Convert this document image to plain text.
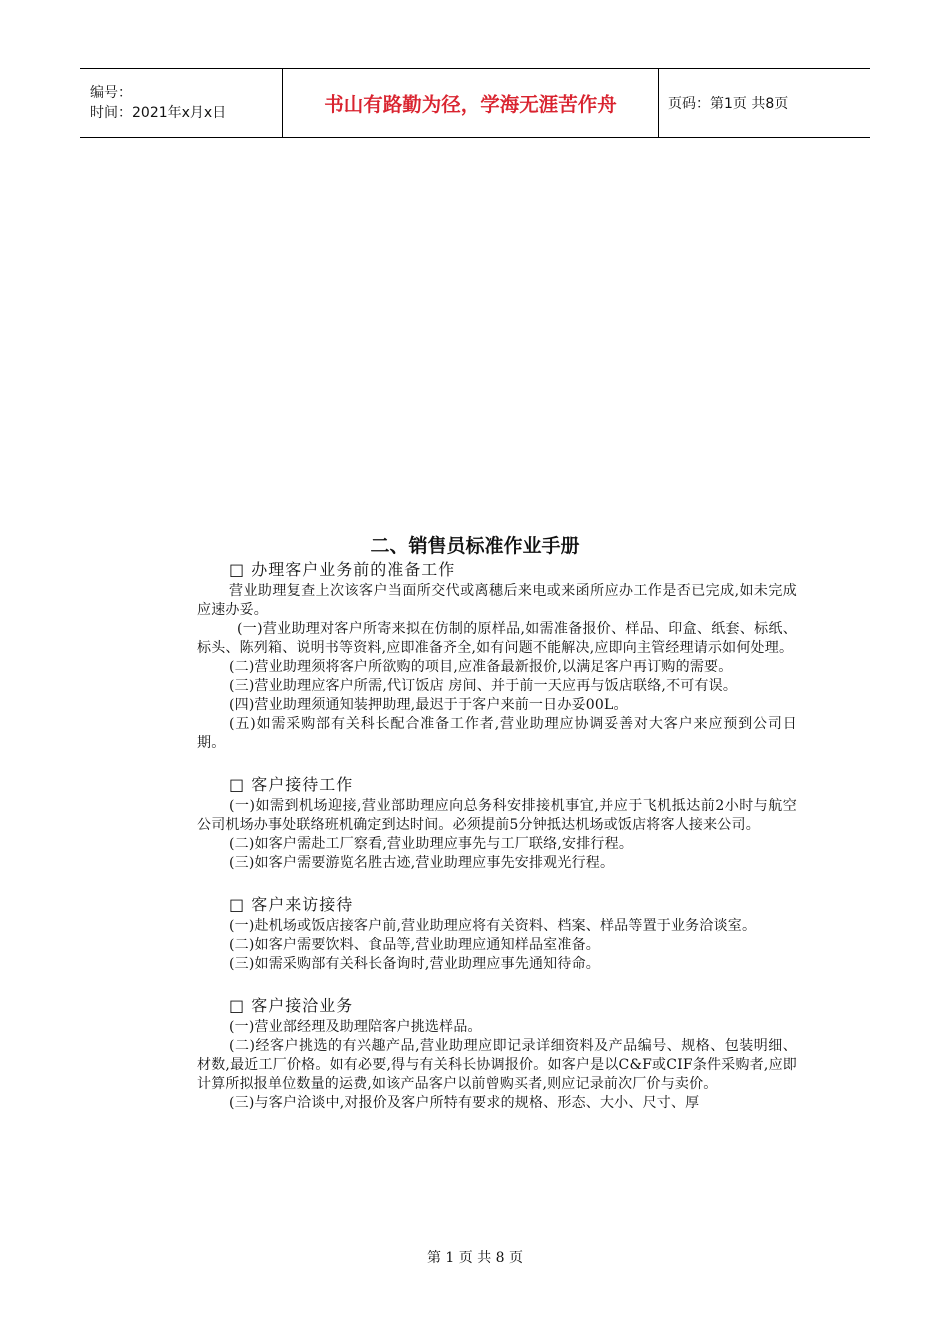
编号：
时间：2021年x月x日	书山有路勤为径，学海无涯苦作舟	页码：第1页 共8页
二、销售员标准作业手册
□ 办理客户业务前的准备工作
营业助理复查上次该客户当面所交代或离穗后来电或来函所应办工作是否已完成,如未完成应速办妥。
(一)营业助理对客户所寄来拟在仿制的原样品,如需准备报价、样品、印盒、纸套、标纸、标头、陈列箱、说明书等资料,应即准备齐全,如有问题不能解决,应即向主管经理请示如何处理。
(二)营业助理须将客户所欲购的项目,应准备最新报价,以满足客户再订购的需要。
(三)营业助理应客户所需,代订饭店 房间、并于前一天应再与饭店联络,不可有误。
(四)营业助理须通知装押助理,最迟于于客户来前一日办妥00L。
(五)如需采购部有关科长配合准备工作者,营业助理应协调妥善对大客户来应预到公司日期。
□ 客户接待工作
(一)如需到机场迎接,营业部助理应向总务科安排接机事宜,并应于飞机抵达前2小时与航空公司机场办事处联络班机确定到达时间。必须提前5分钟抵达机场或饭店将客人接来公司。
(二)如客户需赴工厂察看,营业助理应事先与工厂联络,安排行程。
(三)如客户需要游览名胜古迹,营业助理应事先安排观光行程。
□ 客户来访接待
(一)赴机场或饭店接客户前,营业助理应将有关资料、档案、样品等置于业务洽谈室。
(二)如客户需要饮料、食品等,营业助理应通知样品室准备。
(三)如需采购部有关科长备询时,营业助理应事先通知待命。
□ 客户接洽业务
(一)营业部经理及助理陪客户挑选样品。
(二)经客户挑选的有兴趣产品,营业助理应即记录详细资料及产品编号、规格、包装明细、材数,最近工厂价格。如有必要,得与有关科长协调报价。如客户是以C&F或CIF条件采购者,应即计算所拟报单位数量的运费,如该产品客户以前曾购买者,则应记录前次厂价与卖价。
(三)与客户洽谈中,对报价及客户所特有要求的规格、形态、大小、尺寸、厚
第 1 页 共 8 页
